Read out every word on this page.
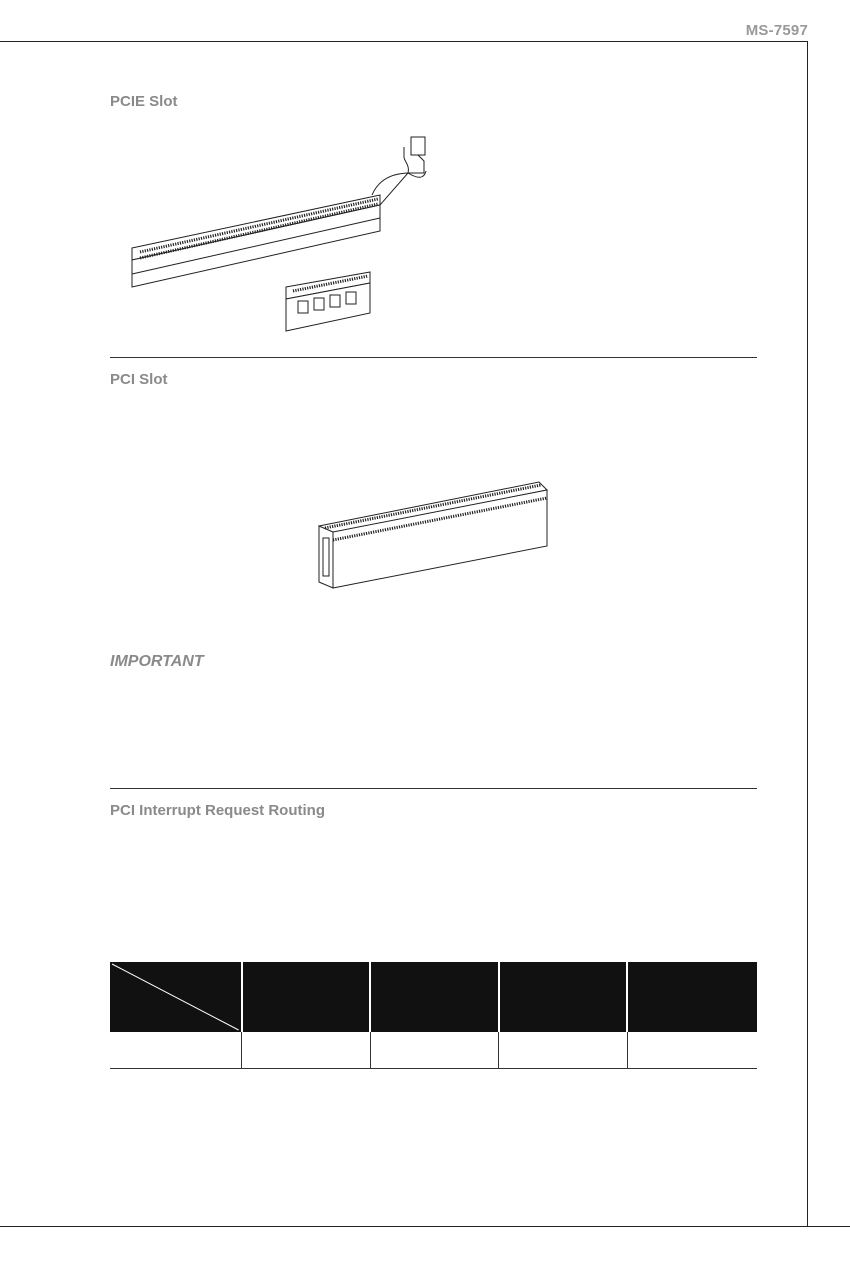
MS-7597
PCIE Slot
PCI Slot
IMPORTANT
PCI Interrupt Request Routing
